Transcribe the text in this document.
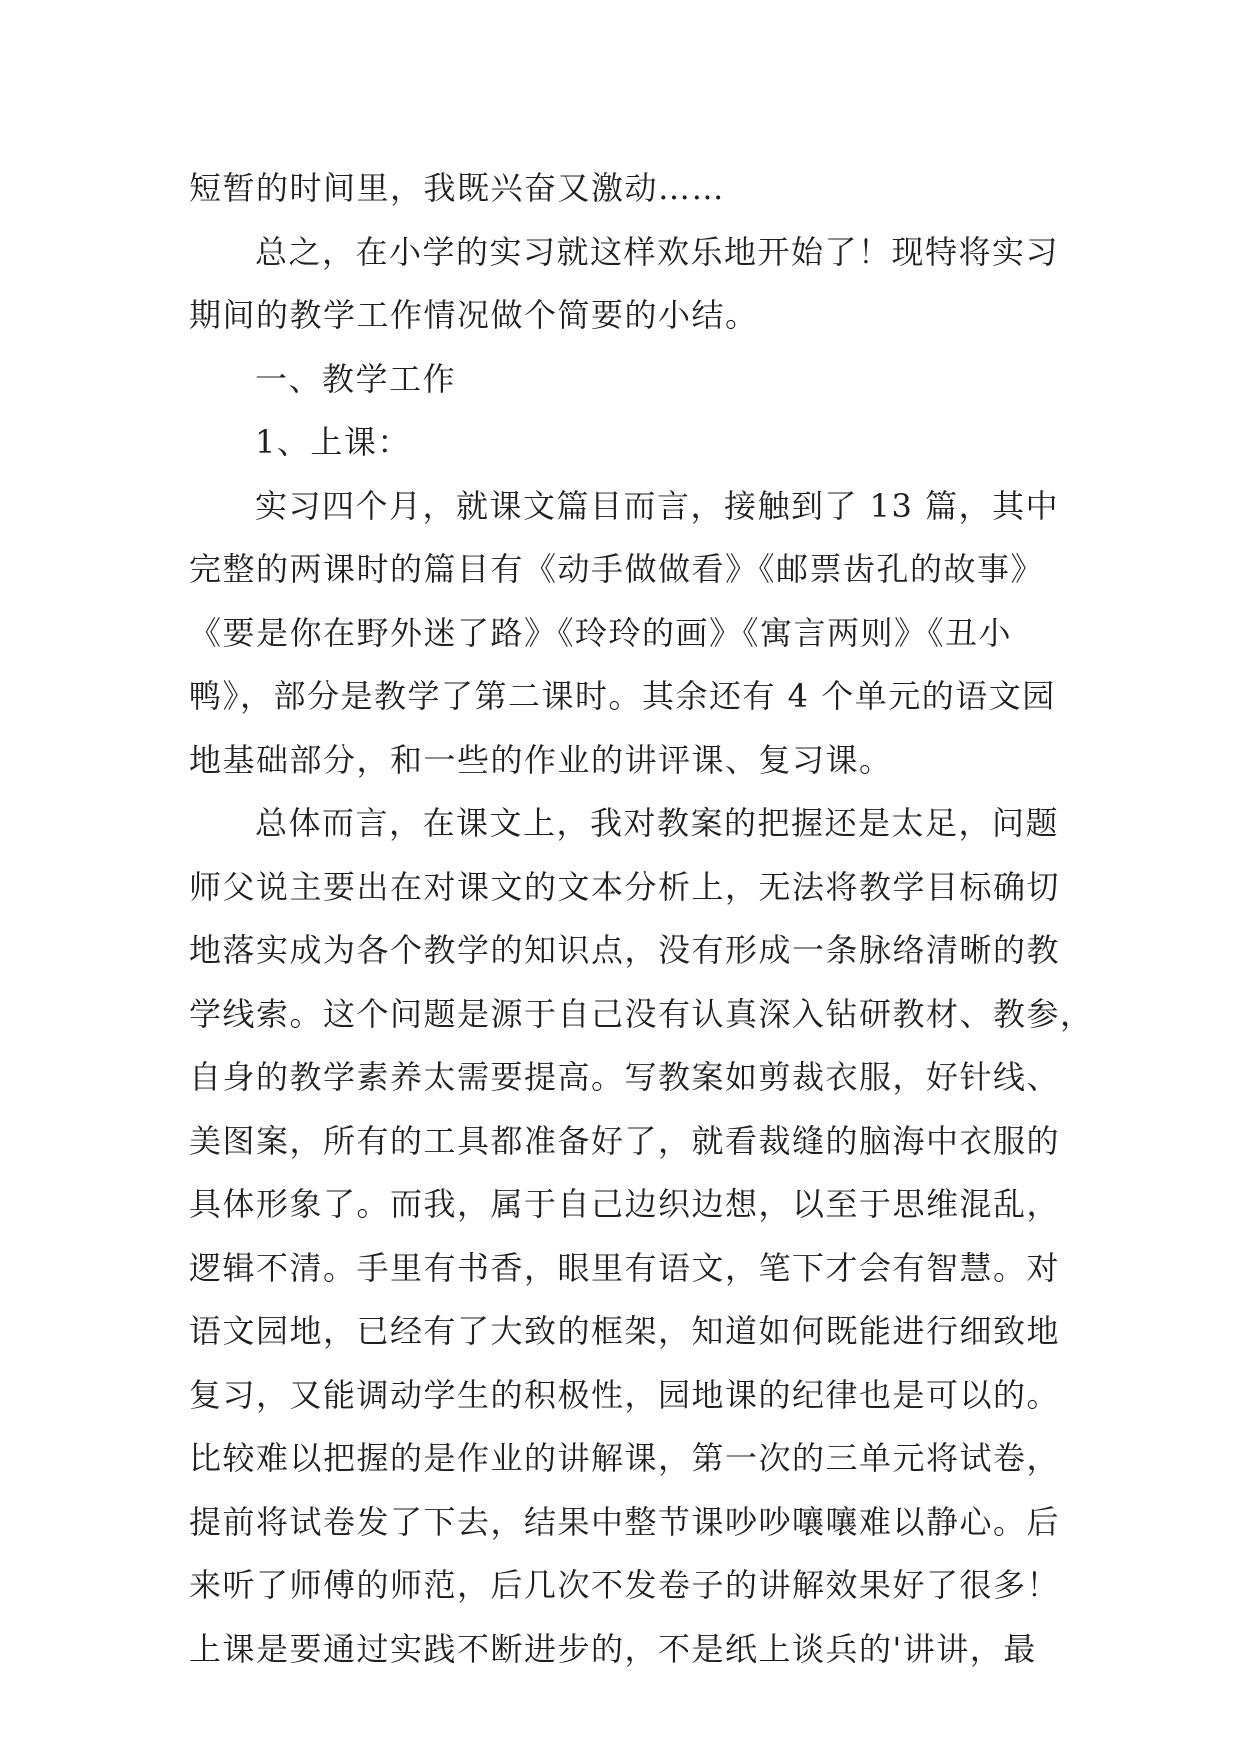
短暂的时间里，我既兴奋又激动……
总之，在小学的实习就这样欢乐地开始了！现特将实习
期间的教学工作情况做个简要的小结。
一、教学工作
1、上课：
实习四个月，就课文篇目而言，接触到了 13 篇，其中
完整的两课时的篇目有《动手做做看》《邮票齿孔的故事》
《要是你在野外迷了路》《玲玲的画》《寓言两则》《丑小
鸭》，部分是教学了第二课时。其余还有 4 个单元的语文园
地基础部分，和一些的作业的讲评课、复习课。
总体而言，在课文上，我对教案的把握还是太足，问题
师父说主要出在对课文的文本分析上，无法将教学目标确切
地落实成为各个教学的知识点，没有形成一条脉络清晰的教
学线索。这个问题是源于自己没有认真深入钻研教材、教参，
自身的教学素养太需要提高。写教案如剪裁衣服，好针线、
美图案，所有的工具都准备好了，就看裁缝的脑海中衣服的
具体形象了。而我，属于自己边织边想，以至于思维混乱，
逻辑不清。手里有书香，眼里有语文，笔下才会有智慧。对
语文园地，已经有了大致的框架，知道如何既能进行细致地
复习，又能调动学生的积极性，园地课的纪律也是可以的。
比较难以把握的是作业的讲解课，第一次的三单元将试卷，
提前将试卷发了下去，结果中整节课吵吵嚷嚷难以静心。后
来听了师傅的师范，后几次不发卷子的讲解效果好了很多！
上课是要通过实践不断进步的，不是纸上谈兵的'讲讲，最
